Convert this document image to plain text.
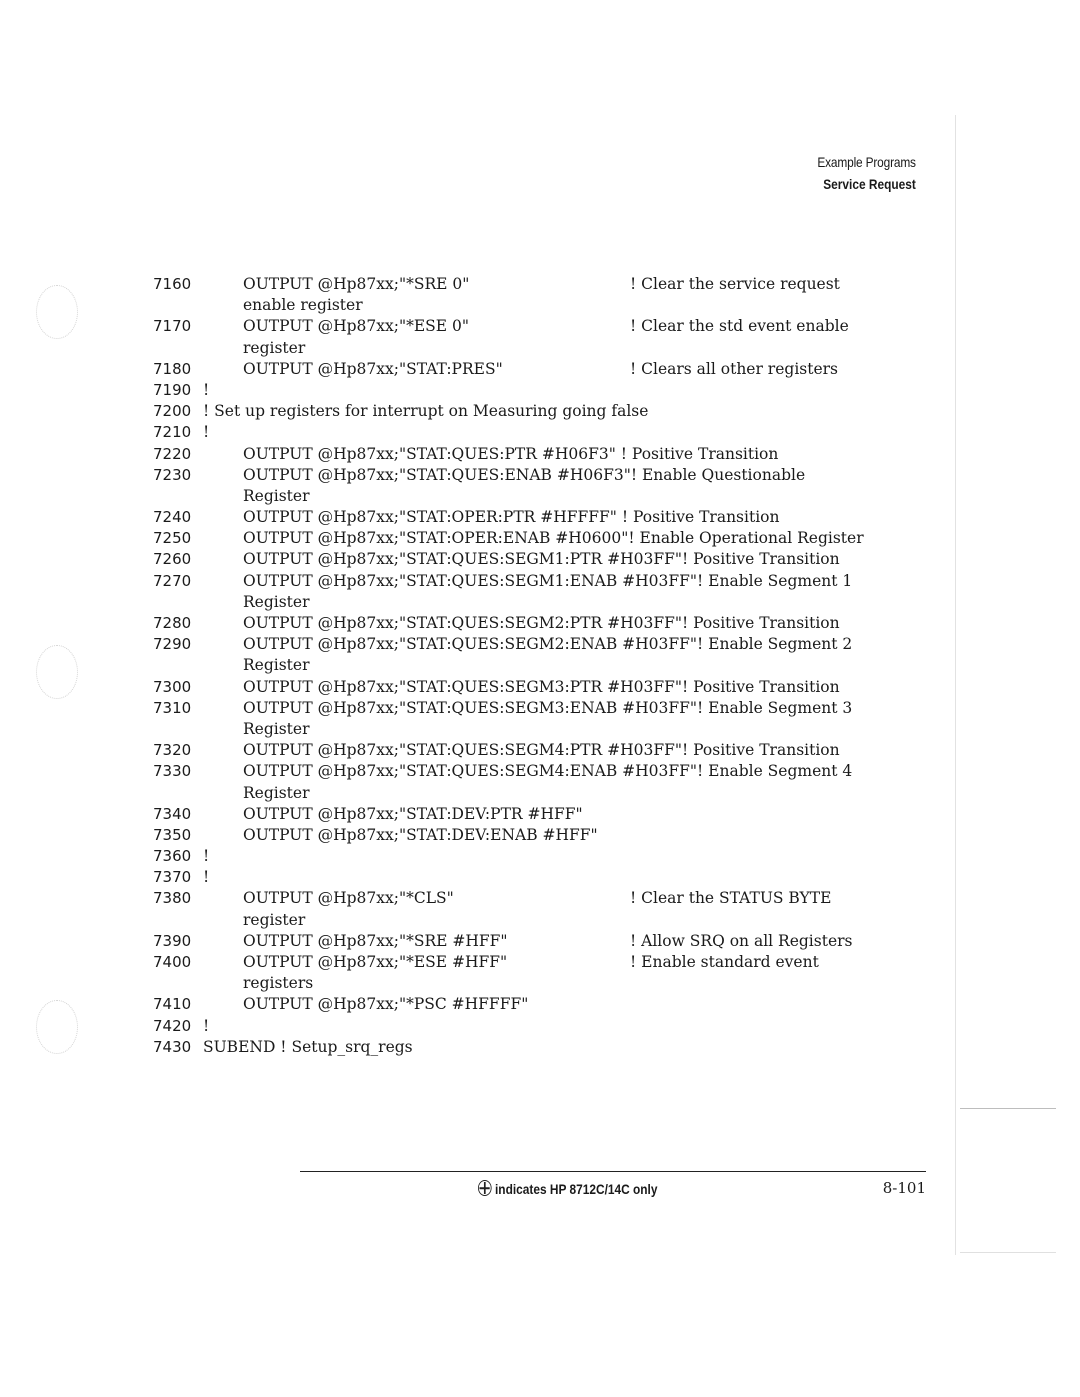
Example Programs
Service Request
7160	OUTPUT @Hp87xx;"*SRE 0"	! Clear the service request
enable register
7170	OUTPUT @Hp87xx;"*ESE 0"	! Clear the std event enable
register
7180	OUTPUT @Hp87xx;"STAT:PRES"	! Clears all other registers
7190 !
7200 ! Set up registers for interrupt on Measuring going false
7210 !
7220	OUTPUT @Hp87xx;"STAT:QUES:PTR #H06F3" ! Positive Transition
7230	OUTPUT @Hp87xx;"STAT:QUES:ENAB #H06F3"! Enable Questionable
Register
7240	OUTPUT @Hp87xx;"STAT:OPER:PTR #HFFFF" ! Positive Transition
7250	OUTPUT @Hp87xx;"STAT:OPER:ENAB #H0600"! Enable Operational Register
7260	OUTPUT @Hp87xx;"STAT:QUES:SEGM1:PTR #H03FF"! Positive Transition
7270	OUTPUT @Hp87xx;"STAT:QUES:SEGM1:ENAB #H03FF"! Enable Segment 1
Register
7280	OUTPUT @Hp87xx;"STAT:QUES:SEGM2:PTR #H03FF"! Positive Transition
7290	OUTPUT @Hp87xx;"STAT:QUES:SEGM2:ENAB #H03FF"! Enable Segment 2
Register
7300	OUTPUT @Hp87xx;"STAT:QUES:SEGM3:PTR #H03FF"! Positive Transition
7310	OUTPUT @Hp87xx;"STAT:QUES:SEGM3:ENAB #H03FF"! Enable Segment 3
Register
7320	OUTPUT @Hp87xx;"STAT:QUES:SEGM4:PTR #H03FF"! Positive Transition
7330	OUTPUT @Hp87xx;"STAT:QUES:SEGM4:ENAB #H03FF"! Enable Segment 4
Register
7340	OUTPUT @Hp87xx;"STAT:DEV:PTR #HFF"
7350	OUTPUT @Hp87xx;"STAT:DEV:ENAB #HFF"
7360 !
7370 !
7380	OUTPUT @Hp87xx;"*CLS"	! Clear the STATUS BYTE
register
7390	OUTPUT @Hp87xx;"*SRE #HFF"	! Allow SRQ on all Registers
7400	OUTPUT @Hp87xx;"*ESE #HFF"	! Enable standard event
registers
7410	OUTPUT @Hp87xx;"*PSC #HFFFF"
7420 !
7430 SUBEND ! Setup_srq_regs
indicates HP 8712C/14C only	8-101
